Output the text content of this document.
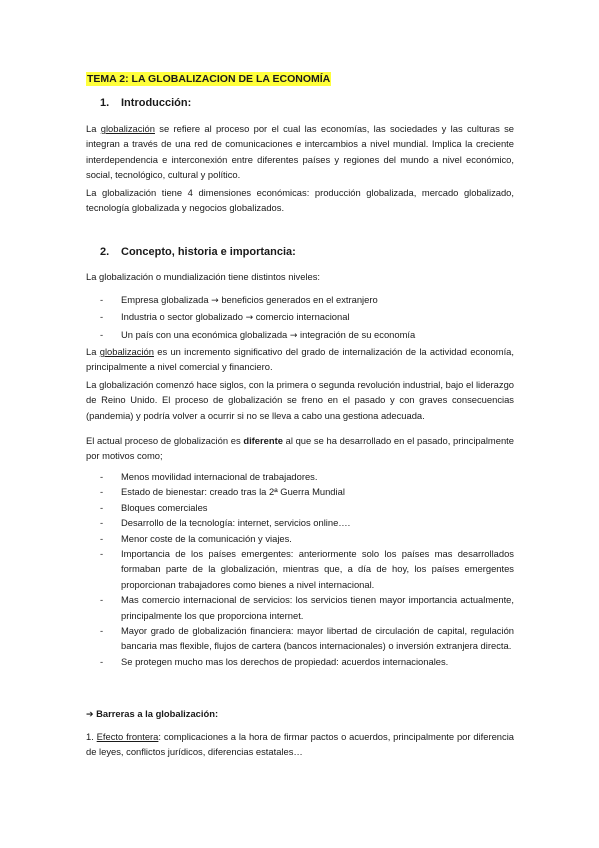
TEMA 2: LA GLOBALIZACION DE LA ECONOMÍA
1. Introducción:
La globalización se refiere al proceso por el cual las economías, las sociedades y las culturas se integran a través de una red de comunicaciones e intercambios a nivel mundial. Implica la creciente interdependencia e interconexión entre diferentes países y regiones del mundo a nivel económico, social, tecnológico, cultural y político.
La globalización tiene 4 dimensiones económicas: producción globalizada, mercado globalizado, tecnología globalizada y negocios globalizados.
2. Concepto, historia e importancia:
La globalización o mundialización tiene distintos niveles:
- Empresa globalizada → beneficios generados en el extranjero
- Industria o sector globalizado → comercio internacional
- Un país con una económica globalizada → integración de su economía
La globalización es un incremento significativo del grado de internalización de la actividad economía, principalmente a nivel comercial y financiero.
La globalización comenzó hace siglos, con la primera o segunda revolución industrial, bajo el liderazgo de Reino Unido. El proceso de globalización se freno en el pasado y con graves consecuencias (pandemia) y podría volver a ocurrir si no se lleva a cabo una gestiona adecuada.
El actual proceso de globalización es diferente al que se ha desarrollado en el pasado, principalmente por motivos como;
- Menos movilidad internacional de trabajadores.
- Estado de bienestar: creado tras la 2ª Guerra Mundial
- Bloques comerciales
- Desarrollo de la tecnología: internet, servicios online….
- Menor coste de la comunicación y viajes.
- Importancia de los países emergentes: anteriormente solo los países mas desarrollados formaban parte de la globalización, mientras que, a día de hoy, los países emergentes proporcionan trabajadores como bienes a nivel internacional.
- Mas comercio internacional de servicios: los servicios tienen mayor importancia actualmente, principalmente los que proporciona internet.
- Mayor grado de globalización financiera: mayor libertad de circulación de capital, regulación bancaria mas flexible, flujos de cartera (bancos internacionales) o inversión extranjera directa.
- Se protegen mucho mas los derechos de propiedad: acuerdos internacionales.
➔ Barreras a la globalización:
1. Efecto frontera: complicaciones a la hora de firmar pactos o acuerdos, principalmente por diferencia de leyes, conflictos jurídicos, diferencias estatales…
